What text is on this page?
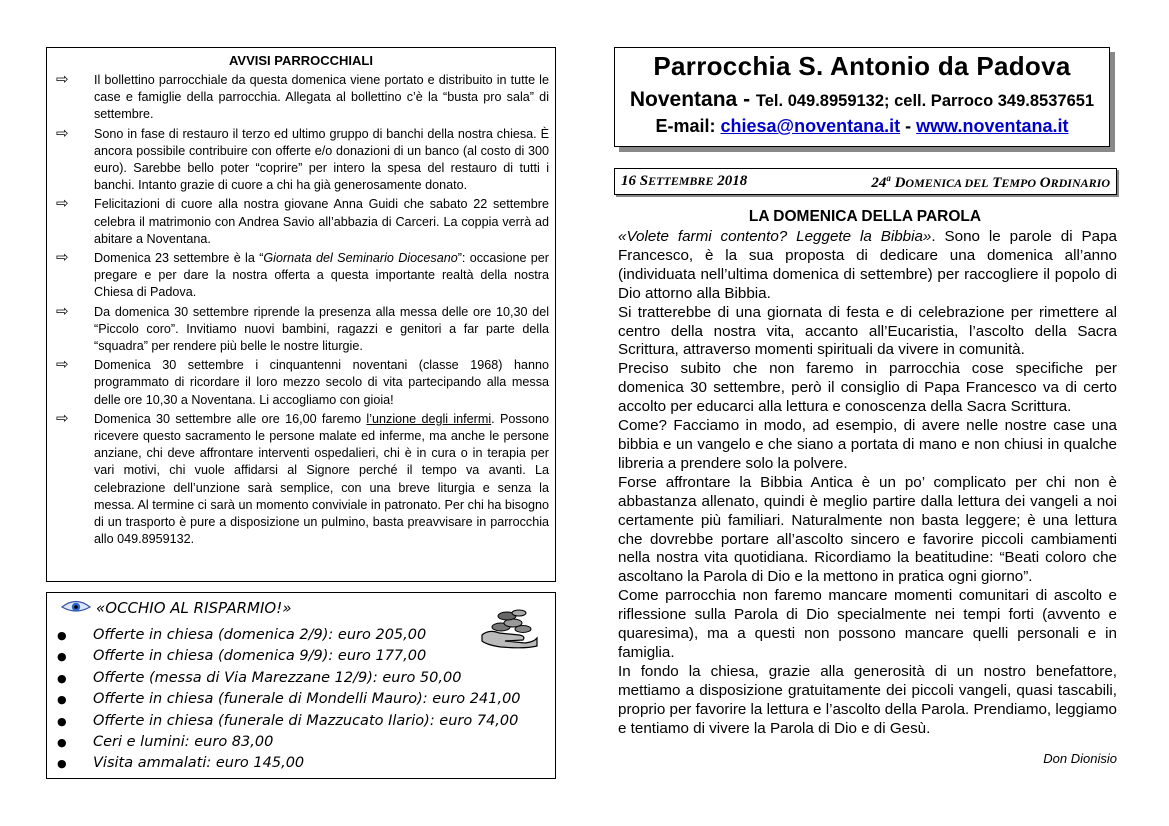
AVVISI PARROCCHIALI
⇨ Il bollettino parrocchiale da questa domenica viene portato e distribuito in tutte le case e famiglie della parrocchia. Allegata al bollettino c’è la “busta pro sala” di settembre.
⇨ Sono in fase di restauro il terzo ed ultimo gruppo di banchi della nostra chiesa. È ancora possibile contribuire con offerte e/o donazioni di un banco (al costo di 300 euro). Sarebbe bello poter “coprire” per intero la spesa del restauro di tutti i banchi. Intanto grazie di cuore a chi ha già generosamente donato.
⇨ Felicitazioni di cuore alla nostra giovane Anna Guidi che sabato 22 settembre celebra il matrimonio con Andrea Savio all’abbazia di Carceri. La coppia verrà ad abitare a Noventana.
⇨ Domenica 23 settembre è la “Giornata del Seminario Diocesano”: occasione per pregare e per dare la nostra offerta a questa importante realtà della nostra Chiesa di Padova.
⇨ Da domenica 30 settembre riprende la presenza alla messa delle ore 10,30 del “Piccolo coro”. Invitiamo nuovi bambini, ragazzi e genitori a far parte della “squadra” per rendere più belle le nostre liturgie.
⇨ Domenica 30 settembre i cinquantenni noventani (classe 1968) hanno programmato di ricordare il loro mezzo secolo di vita partecipando alla messa delle ore 10,30 a Noventana. Li accogliamo con gioia!
⇨ Domenica 30 settembre alle ore 16,00 faremo l’unzione degli infermi. Possono ricevere questo sacramento le persone malate ed inferme, ma anche le persone anziane, chi deve affrontare interventi ospedalieri, chi è in cura o in terapia per vari motivi, chi vuole affidarsi al Signore perché il tempo va avanti. La celebrazione dell’unzione sarà semplice, con una breve liturgia e senza la messa. Al termine ci sarà un momento conviviale in patronato. Per chi ha bisogno di un trasporto è pure a disposizione un pulmino, basta preavvisare in parrocchia allo 049.8959132.
«OCCHIO AL RISPARMIO!»
● Offerte in chiesa (domenica 2/9): euro 205,00
● Offerte in chiesa (domenica 9/9): euro 177,00
● Offerte (messa di Via Marezzane 12/9): euro 50,00
● Offerte in chiesa (funerale di Mondelli Mauro): euro 241,00
● Offerte in chiesa (funerale di Mazzucato Ilario): euro 74,00
● Ceri e lumini: euro 83,00
● Visita ammalati: euro 145,00
Parrocchia S. Antonio da Padova
Noventana - Tel. 049.8959132; cell. Parroco 349.8537651
E-mail: chiesa@noventana.it - www.noventana.it
16 SETTEMBRE 2018	24$^a$ DOMENICA DEL TEMPO ORDINARIO
LA DOMENICA DELLA PAROLA

«Volete farmi contento? Leggete la Bibbia». Sono le parole di Papa Francesco, è la sua proposta di dedicare una domenica all’anno (individuata nell’ultima domenica di settembre) per raccogliere il popolo di Dio attorno alla Bibbia.

Si tratterebbe di una giornata di festa e di celebrazione per rimettere al centro della nostra vita, accanto all’Eucaristia, l’ascolto della Sacra Scrittura, attraverso momenti spirituali da vivere in comunità.

Preciso subito che non faremo in parrocchia cose specifiche per domenica 30 settembre, però il consiglio di Papa Francesco va di certo accolto per educarci alla lettura e conoscenza della Sacra Scrittura.

Come? Facciamo in modo, ad esempio, di avere nelle nostre case una bibbia e un vangelo e che siano a portata di mano e non chiusi in qualche libreria a prendere solo la polvere.

Forse affrontare la Bibbia Antica è un po’ complicato per chi non è abbastanza allenato, quindi è meglio partire dalla lettura dei vangeli a noi certamente più familiari. Naturalmente non basta leggere; è una lettura che dovrebbe portare all’ascolto sincero e favorire piccoli cambiamenti nella nostra vita quotidiana. Ricordiamo la beatitudine: “Beati coloro che ascoltano la Parola di Dio e la mettono in pratica ogni giorno”.

Come parrocchia non faremo mancare momenti comunitari di ascolto e riflessione sulla Parola di Dio specialmente nei tempi forti (avvento e quaresima), ma a questi non possono mancare quelli personali e in famiglia.

In fondo la chiesa, grazie alla generosità di un nostro benefattore, mettiamo a disposizione gratuitamente dei piccoli vangeli, quasi tascabili, proprio per favorire la lettura e l’ascolto della Parola. Prendiamo, leggiamo e tentiamo di vivere la Parola di Dio e di Gesù.

Don Dionisio
